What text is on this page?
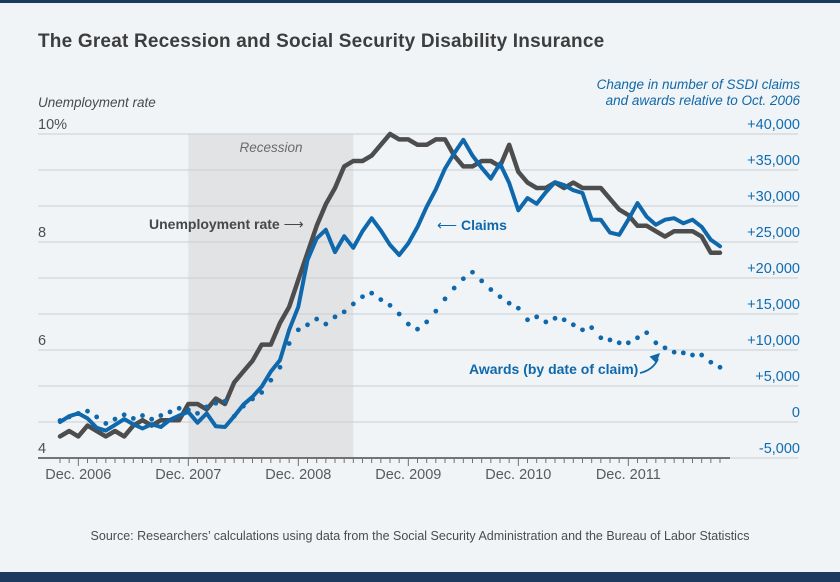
The Great Recession and Social Security Disability Insurance
Unemployment rate
Change in number of SSDI claims
and awards relative to Oct. 2006
Recession
Unemployment rate ⟶	⟵ Claims
Awards (by date of claim)
Source: Researchers’ calculations using data from the Social Security Administration and the Bureau of Labor Statistics
10%
8
6
4
+40,000
+35,000
+30,000
+25,000
+20,000
+15,000
+10,000
+5,000
0
-5,000
Dec. 2006	Dec. 2007	Dec. 2008	Dec. 2009	Dec. 2010	Dec. 2011
